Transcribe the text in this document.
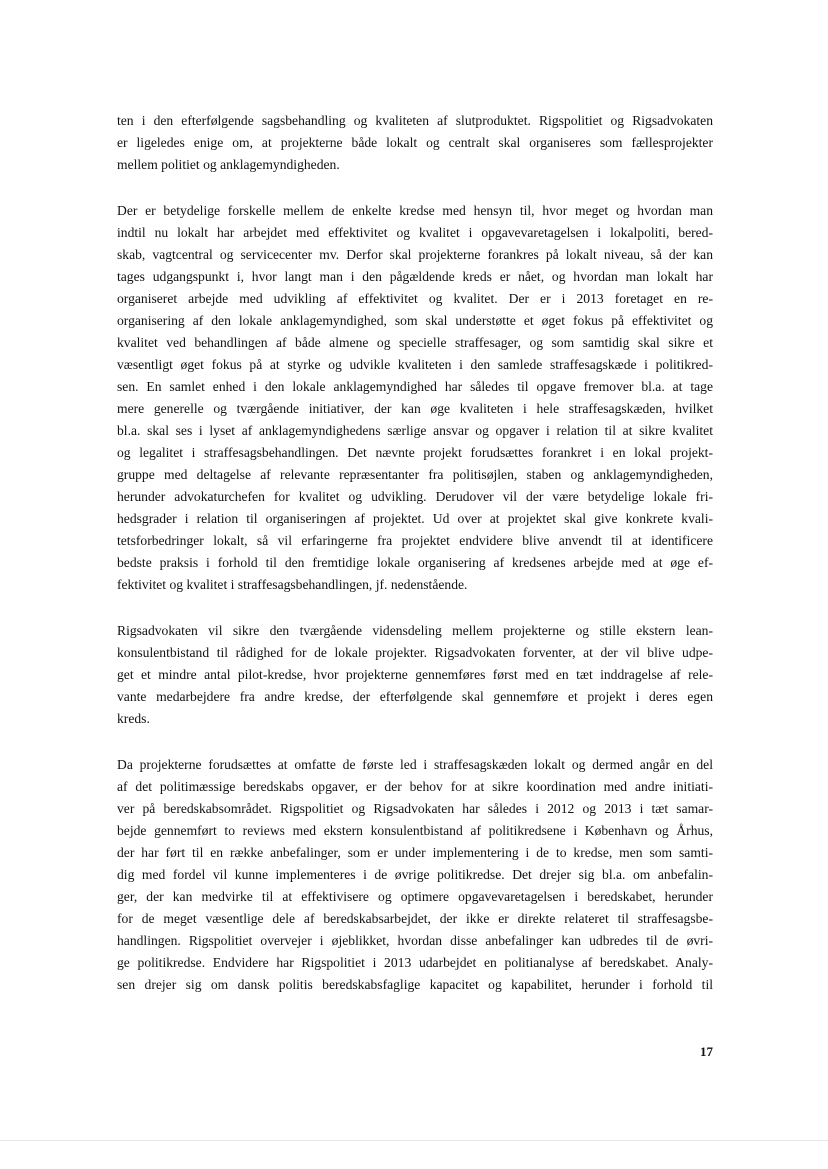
ten i den efterfølgende sagsbehandling og kvaliteten af slutproduktet. Rigspolitiet og Rigsadvokaten
er ligeledes enige om, at projekterne både lokalt og centralt skal organiseres som fællesprojekter
mellem politiet og anklagemyndigheden.
Der er betydelige forskelle mellem de enkelte kredse med hensyn til, hvor meget og hvordan man
indtil nu lokalt har arbejdet med effektivitet og kvalitet i opgavevaretagelsen i lokalpoliti, bered-
skab, vagtcentral og servicecenter mv. Derfor skal projekterne forankres på lokalt niveau, så der kan
tages udgangspunkt i, hvor langt man i den pågældende kreds er nået, og hvordan man lokalt har
organiseret arbejde med udvikling af effektivitet og kvalitet. Der er i 2013 foretaget en re-
organisering af den lokale anklagemyndighed, som skal understøtte et øget fokus på effektivitet og
kvalitet ved behandlingen af både almene og specielle straffesager, og som samtidig skal sikre et
væsentligt øget fokus på at styrke og udvikle kvaliteten i den samlede straffesagskæde i politikred-
sen. En samlet enhed i den lokale anklagemyndighed har således til opgave fremover bl.a. at tage
mere generelle og tværgående initiativer, der kan øge kvaliteten i hele straffesagskæden, hvilket
bl.a. skal ses i lyset af anklagemyndighedens særlige ansvar og opgaver i relation til at sikre kvalitet
og legalitet i straffesagsbehandlingen. Det nævnte projekt forudsættes forankret i en lokal projekt-
gruppe med deltagelse af relevante repræsentanter fra politisøjlen, staben og anklagemyndigheden,
herunder advokaturchefen for kvalitet og udvikling. Derudover vil der være betydelige lokale fri-
hedsgrader i relation til organiseringen af projektet. Ud over at projektet skal give konkrete kvali-
tetsforbedringer lokalt, så vil erfaringerne fra projektet endvidere blive anvendt til at identificere
bedste praksis i forhold til den fremtidige lokale organisering af kredsenes arbejde med at øge ef-
fektivitet og kvalitet i straffesagsbehandlingen, jf. nedenstående.
Rigsadvokaten vil sikre den tværgående vidensdeling mellem projekterne og stille ekstern lean-
konsulentbistand til rådighed for de lokale projekter. Rigsadvokaten forventer, at der vil blive udpe-
get et mindre antal pilot-kredse, hvor projekterne gennemføres først med en tæt inddragelse af rele-
vante medarbejdere fra andre kredse, der efterfølgende skal gennemføre et projekt i deres egen
kreds.
Da projekterne forudsættes at omfatte de første led i straffesagskæden lokalt og dermed angår en del
af det politimæssige beredskabs opgaver, er der behov for at sikre koordination med andre initiati-
ver på beredskabsområdet. Rigspolitiet og Rigsadvokaten har således i 2012 og 2013 i tæt samar-
bejde gennemført to reviews med ekstern konsulentbistand af politikredsene i København og Århus,
der har ført til en række anbefalinger, som er under implementering i de to kredse, men som samti-
dig med fordel vil kunne implementeres i de øvrige politikredse. Det drejer sig bl.a. om anbefalin-
ger, der kan medvirke til at effektivisere og optimere opgavevaretagelsen i beredskabet, herunder
for de meget væsentlige dele af beredskabsarbejdet, der ikke er direkte relateret til straffesagsbe-
handlingen. Rigspolitiet overvejer i øjeblikket, hvordan disse anbefalinger kan udbredes til de øvri-
ge politikredse. Endvidere har Rigspolitiet i 2013 udarbejdet en politianalyse af beredskabet. Analy-
sen drejer sig om dansk politis beredskabsfaglige kapacitet og kapabilitet, herunder i forhold til
17
